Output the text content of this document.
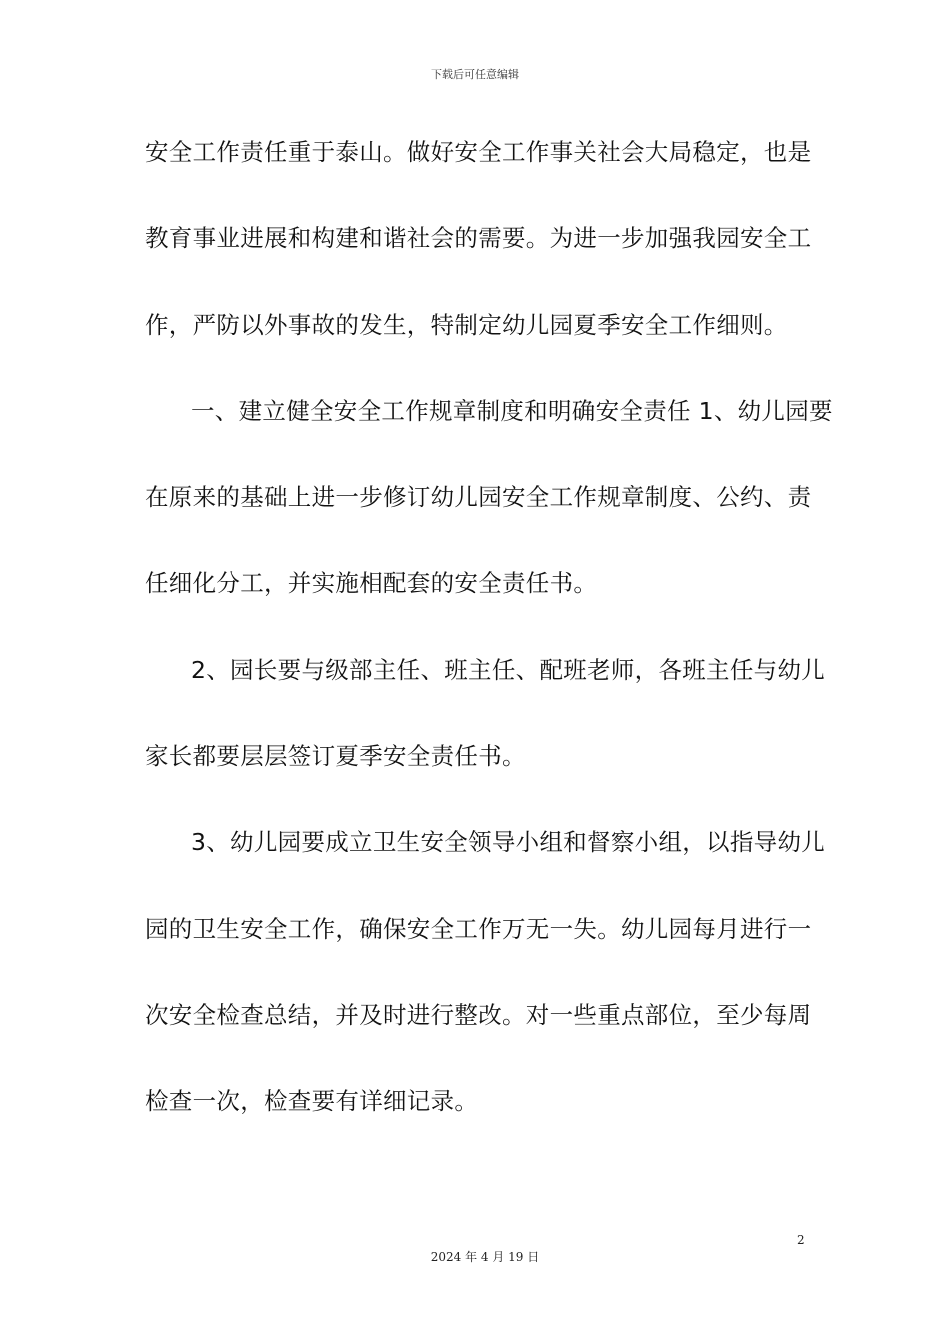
下载后可任意编辑
安全工作责任重于泰山。做好安全工作事关社会大局稳定，也是
教育事业进展和构建和谐社会的需要。为进一步加强我园安全工
作，严防以外事故的发生，特制定幼儿园夏季安全工作细则。
一、建立健全安全工作规章制度和明确安全责任 1、幼儿园要
在原来的基础上进一步修订幼儿园安全工作规章制度、公约、责
任细化分工，并实施相配套的安全责任书。
2、园长要与级部主任、班主任、配班老师，各班主任与幼儿
家长都要层层签订夏季安全责任书。
3、幼儿园要成立卫生安全领导小组和督察小组，以指导幼儿
园的卫生安全工作，确保安全工作万无一失。幼儿园每月进行一
次安全检查总结，并及时进行整改。对一些重点部位，至少每周
检查一次，检查要有详细记录。
2
2024 年 4 月 19 日
